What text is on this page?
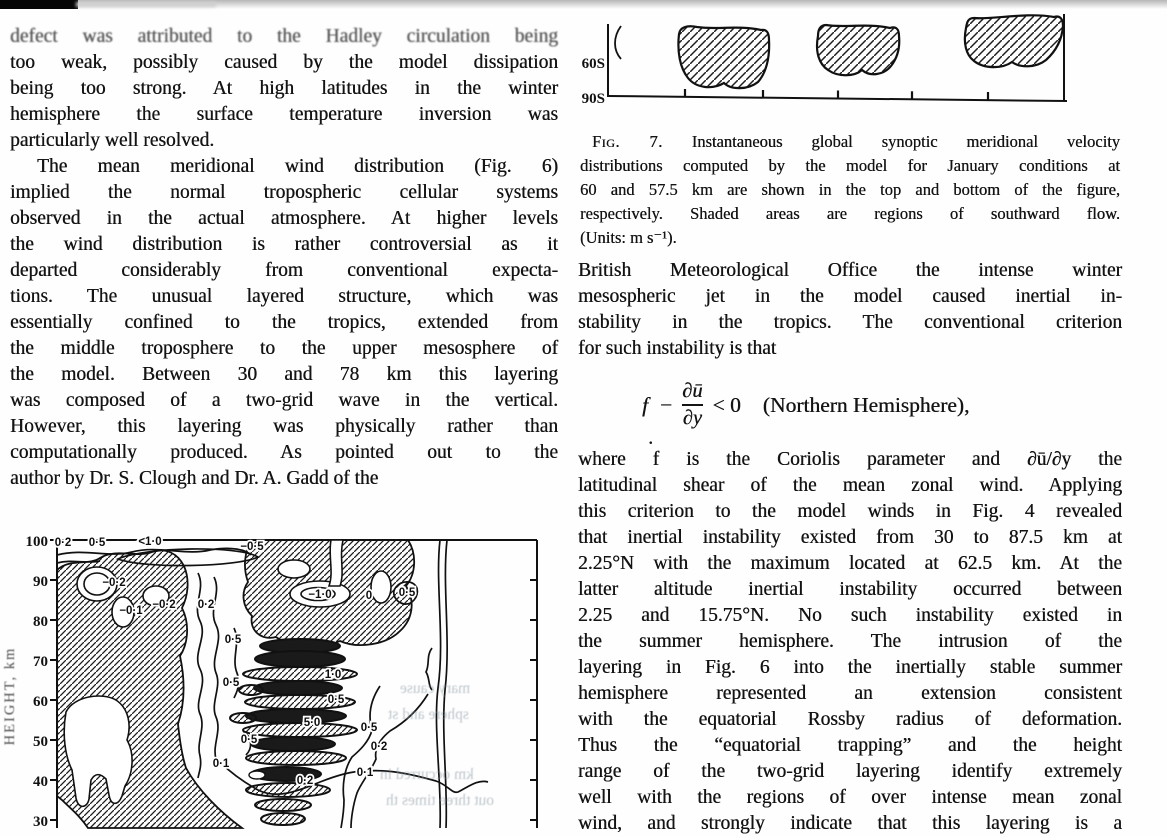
defect was attributed to the Hadley circulation being
too weak, possibly caused by the model dissipation
being too strong. At high latitudes in the winter
hemisphere the surface temperature inversion was
particularly well resolved.
The mean meridional wind distribution (Fig. 6)
implied the normal tropospheric cellular systems
observed in the actual atmosphere. At higher levels
the wind distribution is rather controversial as it
departed considerably from conventional expecta-
tions. The unusual layered structure, which was
essentially confined to the tropics, extended from
the middle troposphere to the upper mesosphere of
the model. Between 30 and 78 km this layering
was composed of a two-grid wave in the vertical.
However, this layering was physically rather than
computationally produced. As pointed out to the
author by Dr. S. Clough and Dr. A. Gadd of the
60S
90S
Fig. 7. Instantaneous global synoptic meridional velocity
distributions computed by the model for January conditions at
60 and 57.5 km are shown in the top and bottom of the figure,
respectively. Shaded areas are regions of southward flow.
(Units: m s⁻¹).
British Meteorological Office the intense winter
mesospheric jet in the model caused inertial in-
stability in the tropics. The conventional criterion
for such instability is that
$f - \frac{\partial ū}{\partial y} < 0$ (Northern Hemisphere),
.
where f is the Coriolis parameter and ∂ū/∂y the
latitudinal shear of the mean zonal wind. Applying
this criterion to the model winds in Fig. 4 revealed
that inertial instability existed from 30 to 87.5 km at
2.25°N with the maximum located at 62.5 km. At the
latter altitude inertial instability occurred between
2.25 and 15.75°N. No such instability existed in
the summer hemisphere. The intrusion of the
layering in Fig. 6 into the inertially stable summer
hemisphere represented an extension consistent
with the equatorial Rossby radius of deformation.
Thus the “equatorial trapping” and the height
range of the two-grid layering identify extremely
well with the regions of over intense mean zonal
wind, and strongly indicate that this layering is a
100
90
80
70
60
50
40
30
HEIGHT, km
0·2 0·5	<1·0	−0·5
−0·2
−0·1 −0·2 0·2
−1·0	0 0·5
0·5
0·5
1·0
0·5
5·0	0·5
0·2
0·5
0·1
0·2
0·1
mary cause
sphere and st
km occurred in
out three times th
